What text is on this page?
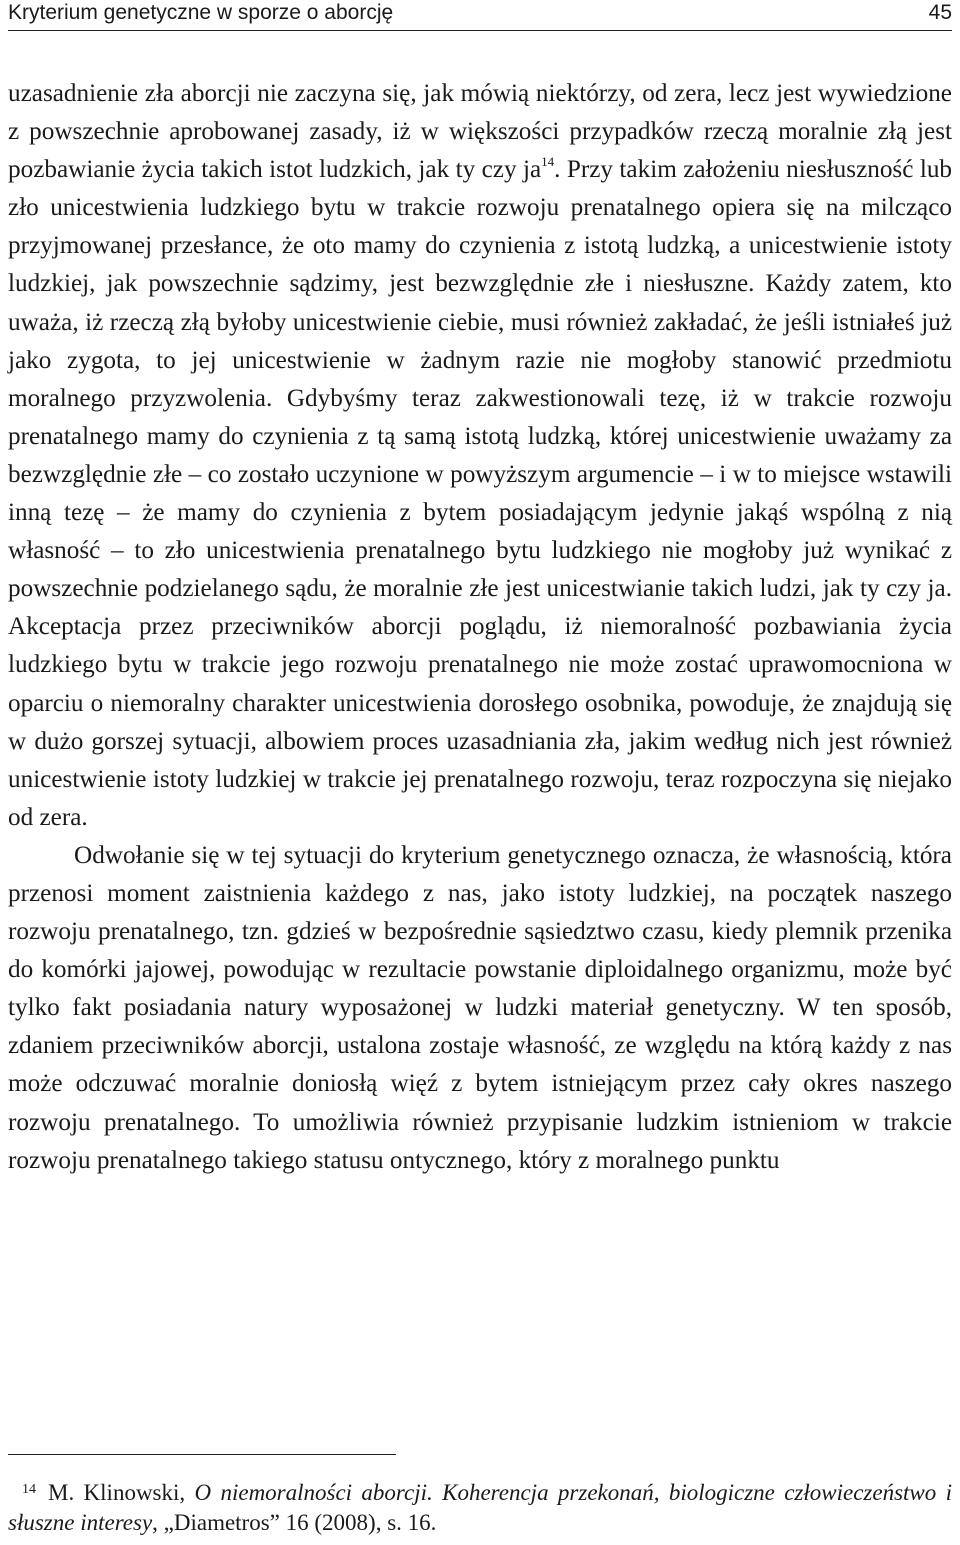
Kryterium genetyczne w sporze o aborcję	45

uzasadnienie zła aborcji nie zaczyna się, jak mówią niektórzy, od zera, lecz jest wywiedzione z powszechnie aprobowanej zasady, iż w większości przypadków rzeczą moralnie złą jest pozbawianie życia takich istot ludzkich, jak ty czy $ja^{14}$. Przy takim założeniu niesłuszność lub zło unicestwienia ludzkiego bytu w trakcie rozwoju prenatalnego opiera się na milcząco przyjmowanej przesłance, że oto mamy do czynienia z istotą ludzką, a unicestwienie istoty ludzkiej, jak powszechnie sądzimy, jest bezwzględnie złe i niesłuszne. Każdy zatem, kto uważa, iż rzeczą złą byłoby unicestwienie ciebie, musi również zakładać, że jeśli istniałeś już jako zygota, to jej unicestwienie w żadnym razie nie mogłoby stanowić przedmiotu moralnego przyzwolenia. Gdybyśmy teraz zakwestionowali tezę, iż w trakcie rozwoju prenatalnego mamy do czynienia z tą samą istotą ludzką, której unicestwienie uważamy za bezwzględnie złe – co zostało uczynione w powyższym argumencie – i w to miejsce wstawili inną tezę – że mamy do czynienia z bytem posiadającym jedynie jakąś wspólną z nią własność – to zło unicestwienia prenatalnego bytu ludzkiego nie mogłoby już wynikać z powszechnie podzielanego sądu, że moralnie złe jest unicestwianie takich ludzi, jak ty czy ja. Akceptacja przez przeciwników aborcji poglądu, iż niemoralność pozbawiania życia ludzkiego bytu w trakcie jego rozwoju prenatalnego nie może zostać uprawomocniona w oparciu o niemoralny charakter unicestwienia dorosłego osobnika, powoduje, że znajdują się w dużo gorszej sytuacji, albowiem proces uzasadniania zła, jakim według nich jest również unicestwienie istoty ludzkiej w trakcie jej prenatalnego rozwoju, teraz rozpoczyna się niejako od zera.

Odwołanie się w tej sytuacji do kryterium genetycznego oznacza, że własnością, która przenosi moment zaistnienia każdego z nas, jako istoty ludzkiej, na początek naszego rozwoju prenatalnego, tzn. gdzieś w bezpośrednie sąsiedztwo czasu, kiedy plemnik przenika do komórki jajowej, powodując w rezultacie powstanie diploidalnego organizmu, może być tylko fakt posiadania natury wyposażonej w ludzki materiał genetyczny. W ten sposób, zdaniem przeciwników aborcji, ustalona zostaje własność, ze względu na którą każdy z nas może odczuwać moralnie doniosłą więź z bytem istniejącym przez cały okres naszego rozwoju prenatalnego. To umożliwia również przypisanie ludzkim istnieniom w trakcie rozwoju prenatalnego takiego statusu ontycznego, który z moralnego punktu

14 M. Klinowski, O niemoralności aborcji. Koherencja przekonań, biologiczne człowieczeństwo i słuszne interesy, „Diametros” 16 (2008), s. 16.
